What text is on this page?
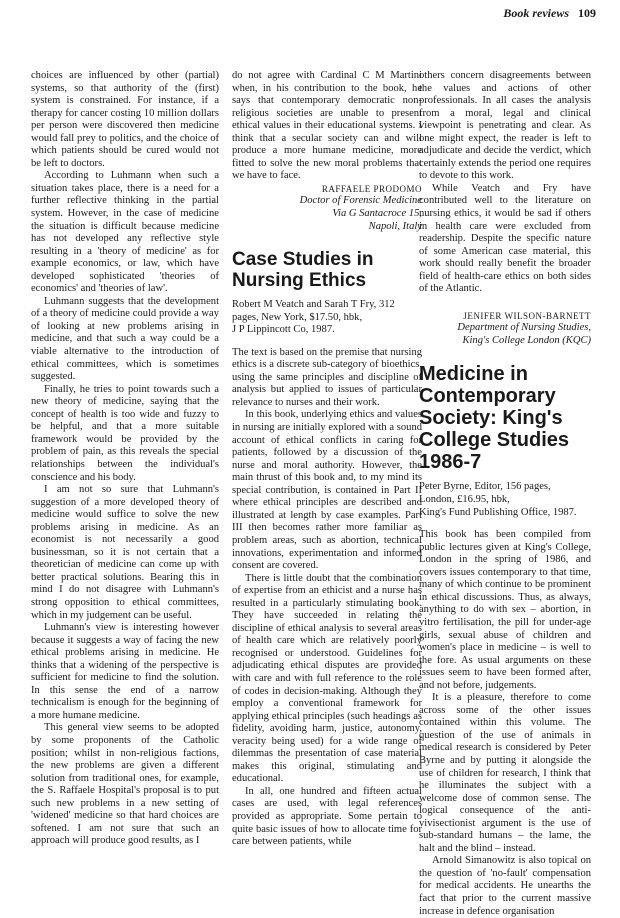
Book reviews 109

choices are influenced by other (partial) systems, so that authority of the (first) system is constrained. For instance, if a therapy for cancer costing 10 million dollars per person were discovered then medicine would fall prey to politics, and the choice of which patients should be cured would not be left to doctors.

According to Luhmann when such a situation takes place, there is a need for a further reflective thinking in the partial system. However, in the case of medicine the situation is difficult because medicine has not developed any reflective style resulting in a 'theory of medicine' as for example economics, or law, which have developed sophisticated 'theories of economics' and 'theories of law'.

Luhmann suggests that the development of a theory of medicine could provide a way of looking at new problems arising in medicine, and that such a way could be a viable alternative to the introduction of ethical committees, which is sometimes suggested.

Finally, he tries to point towards such a new theory of medicine, saying that the concept of health is too wide and fuzzy to be helpful, and that a more suitable framework would be provided by the problem of pain, as this reveals the special relationships between the individual's conscience and his body.

I am not so sure that Luhmann's suggestion of a more developed theory of medicine would suffice to solve the new problems arising in medicine. As an economist is not necessarily a good businessman, so it is not certain that a theoretician of medicine can come up with better practical solutions. Bearing this in mind I do not disagree with Luhmann's strong opposition to ethical committees, which in my judgement can be useful.

Luhmann's view is interesting however because it suggests a way of facing the new ethical problems arising in medicine. He thinks that a widening of the perspective is sufficient for medicine to find the solution. In this sense the end of a narrow technicalism is enough for the beginning of a more humane medicine.

This general view seems to be adopted by some proponents of the Catholic position; whilst in non-religious factions, the new problems are given a different solution from traditional ones, for example, the S. Raffaele Hospital's proposal is to put such new problems in a new setting of 'widened' medicine so that hard choices are softened. I am not sure that such an approach will produce good results, as I

do not agree with Cardinal C M Martini when, in his contribution to the book, he says that contemporary democratic non-religious societies are unable to present ethical values in their educational systems. I think that a secular society can and will produce a more humane medicine, more fitted to solve the new moral problems that we have to face.

RAFFAELE PRODOMO
Doctor of Forensic Medicine
Via G Santacroce 15,
Napoli, Italy
Case Studies in Nursing Ethics
Robert M Veatch and Sarah T Fry, 312
pages, New York, $17.50, hbk,
J P Lippincott Co, 1987.

The text is based on the premise that nursing ethics is a discrete sub-category of bioethics, using the same principles and discipline of analysis but applied to issues of particular relevance to nurses and their work.

In this book, underlying ethics and values in nursing are initially explored with a sound account of ethical conflicts in caring for patients, followed by a discussion of the nurse and moral authority. However, the main thrust of this book and, to my mind its special contribution, is contained in Part II where ethical principles are described and illustrated at length by case examples. Part III then becomes rather more familiar as problem areas, such as abortion, technical innovations, experimentation and informed consent are covered.

There is little doubt that the combination of expertise from an ethicist and a nurse has resulted in a particularly stimulating book. They have succeeded in relating the discipline of ethical analysis to several areas of health care which are relatively poorly recognised or understood. Guidelines for adjudicating ethical disputes are provided with care and with full reference to the role of codes in decision-making. Although they employ a conventional framework for applying ethical principles (such headings as fidelity, avoiding harm, justice, autonomy, veracity being used) for a wide range of dilemmas the presentation of case material makes this original, stimulating and educational.

In all, one hundred and fifteen actual cases are used, with legal references provided as appropriate. Some pertain to quite basic issues of how to allocate time for care between patients, while

others concern disagreements between the values and actions of other professionals. In all cases the analysis from a moral, legal and clinical viewpoint is penetrating and clear. As one might expect, the reader is left to adjudicate and decide the verdict, which certainly extends the period one requires to devote to this work.

While Veatch and Fry have contributed well to the literature on nursing ethics, it would be sad if others in health care were excluded from readership. Despite the specific nature of some American case material, this work should really benefit the broader field of health-care ethics on both sides of the Atlantic.

JENIFER WILSON-BARNETT
Department of Nursing Studies,
King's College London (KQC)
Medicine in Contemporary Society: King's College Studies 1986-7
Peter Byrne, Editor, 156 pages,
London, £16.95, hbk,
King's Fund Publishing Office, 1987.

This book has been compiled from public lectures given at King's College, London in the spring of 1986, and covers issues contemporary to that time, many of which continue to be prominent in ethical discussions. Thus, as always, anything to do with sex – abortion, in vitro fertilisation, the pill for under-age girls, sexual abuse of children and women's place in medicine – is well to the fore. As usual arguments on these issues seem to have been formed after, and not before, judgements.

It is a pleasure, therefore to come across some of the other issues contained within this volume. The question of the use of animals in medical research is considered by Peter Byrne and by putting it alongside the use of children for research, I think that he illuminates the subject with a welcome dose of common sense. The logical consequence of the anti-vivisectionist argument is the use of sub-standard humans – the lame, the halt and the blind – instead.

Arnold Simanowitz is also topical on the question of 'no-fault' compensation for medical accidents. He unearths the fact that prior to the current massive increase in defence organisation
